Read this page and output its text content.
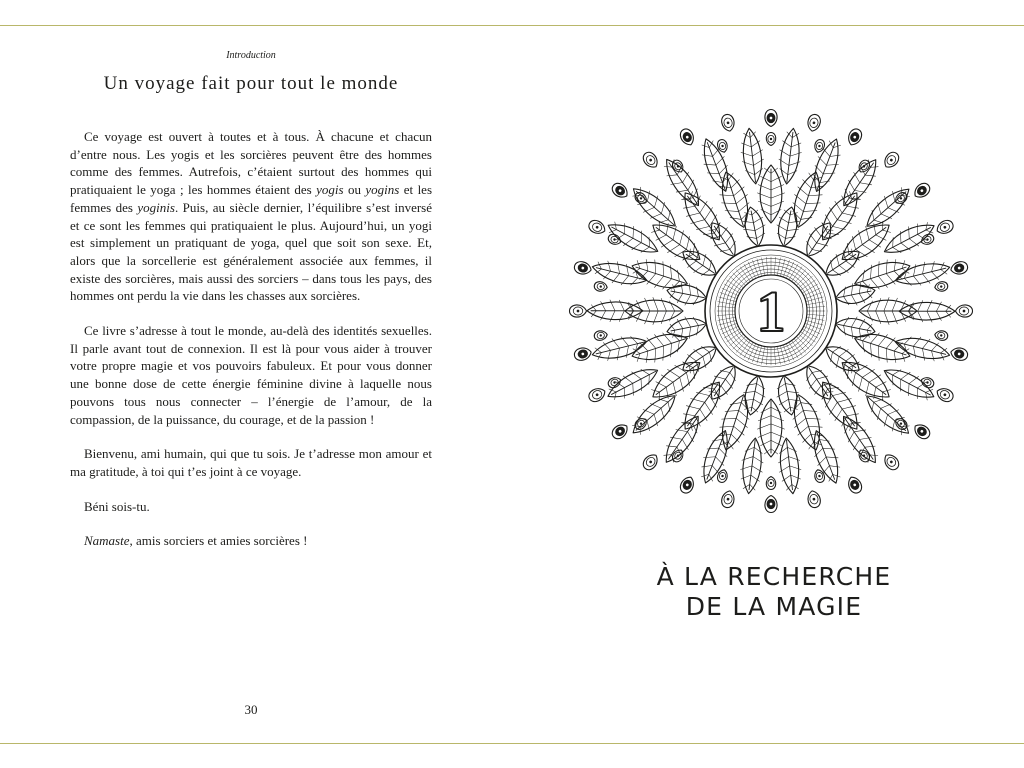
Introduction
Un voyage fait pour tout le monde

Ce voyage est ouvert à toutes et à tous. À chacune et chacun d’entre nous. Les yogis et les sorcières peuvent être des hommes comme des femmes. Autrefois, c’étaient surtout des hommes qui pratiquaient le yoga ; les hommes étaient des yogis ou yogins et les femmes des yoginis. Puis, au siècle dernier, l’équilibre s’est inversé et ce sont les femmes qui pratiquaient le plus. Aujourd’hui, un yogi est simplement un pratiquant de yoga, quel que soit son sexe. Et, alors que la sorcellerie est généralement associée aux femmes, il existe des sorcières, mais aussi des sorciers – dans tous les pays, des hommes ont perdu la vie dans les chasses aux sorcières.

Ce livre s’adresse à tout le monde, au-delà des identités sexuelles. Il parle avant tout de connexion. Il est là pour vous aider à trouver votre propre magie et vos pouvoirs fabuleux. Et pour vous donner une bonne dose de cette énergie féminine divine à laquelle nous pouvons tous nous connecter – l’énergie de l’amour, de la compassion, de la puissance, du courage, et de la passion !

Bienvenu, ami humain, qui que tu sois. Je t’adresse mon amour et ma gratitude, à toi qui t’es joint à ce voyage.

Béni sois-tu.

Namaste, amis sorciers et amies sorcières !

30
1
À LA RECHERCHE
DE LA MAGIE
